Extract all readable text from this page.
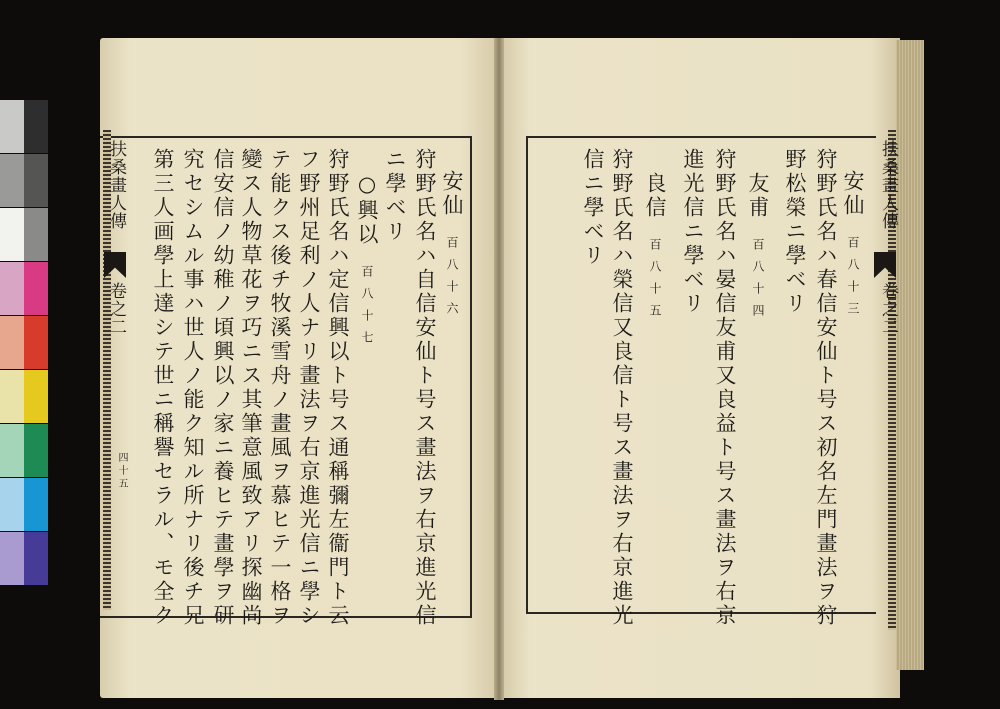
扶桑畫人傳
卷之二
四十五
扶桑畫人傳
卷之二
安仙百八十六
狩野氏名ハ自信安仙ト号ス畫法ヲ右京進光信
ニ學ベリ
○興以百八十七
狩野氏名ハ定信興以ト号ス通稱彌左衞門ト云
フ野州足利ノ人ナリ畫法ヲ右京進光信ニ學シ
テ能クス後チ牧溪雪舟ノ畫風ヲ慕ヒテ一格ヲ
變ス人物草花ヲ巧ニス其筆意風致アリ探幽尚
信安信ノ幼稚ノ頃興以ノ家ニ養ヒテ畫學ヲ研
究セシムル事ハ世人ノ能ク知ル所ナリ後チ兄
第三人画學上達シテ世ニ稱譽セラル、モ全ク	安仙百八十三
狩野氏名ハ春信安仙ト号ス初名左門畫法ヲ狩
野松榮ニ學ベリ
友甫百八十四
狩野氏名ハ晏信友甫又良益ト号ス畫法ヲ右京
進光信ニ學ベリ
良信百八十五
狩野氏名ハ榮信又良信ト号ス畫法ヲ右京進光
信ニ學ベリ
